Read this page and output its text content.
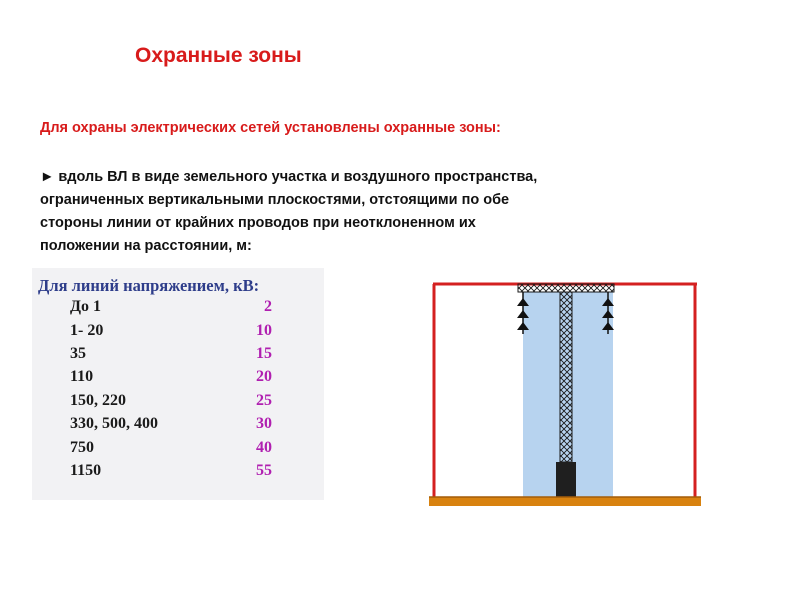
Охранные зоны
Для охраны электрических сетей установлены охранные зоны:
► вдоль ВЛ в виде земельного участка и воздушного пространства,
ограниченных вертикальными плоскостями, отстоящими по обе
стороны линии от крайних проводов при неотклоненном их
положении на расстоянии, м:
Для линий напряжением, кВ:
До 1	2
1- 20	10
35	15
110	20
150, 220	25
330, 500, 400	30
750	40
1150	55
